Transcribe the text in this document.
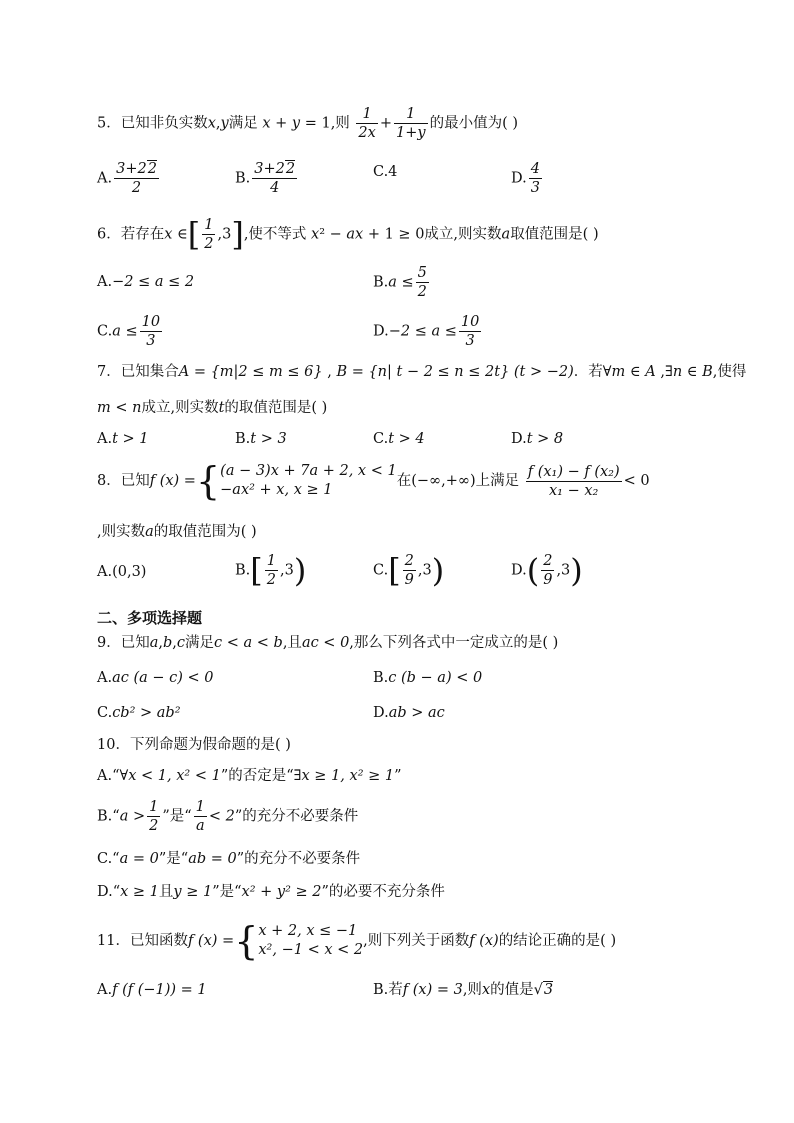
5．已知非负实数x,y满足 x + y = 1,则 $\frac{1}{2x} + \frac{1}{1+y}$ 的最小值为( )
A. $\frac{3+22}{2}$	B. $\frac{3+22}{4}$	C.4	D. $\frac{4}{3}$
6．若存在x ∈[ $\frac{1}{2} ,3$],使不等式 x² − ax + 1 ≥ 0成立,则实数a取值范围是( )
A.−2 ≤ a ≤ 2	$B.a \le \frac{5}{2}$
$C.a \le \frac{10}{3}$	$D.-2 \le a \le \frac{10}{3}$
7．已知集合A = {m|2 ≤ m ≤ 6} , B = {n| t − 2 ≤ n ≤ 2t} (t > −2)．若∀m ∈ A ,∃n ∈ B,使得
m < n成立,则实数t的取值范围是( )
A.t > 1	B.t > 3	C.t > 4	D.t > 8
8．已知f (x) ={(a − 3)x + 7a + 2, x < 1
−ax² + x, x ≥ 1在(−∞,+∞)上满足 $\frac{\text{f (x₁) − f (x₂)}}{\text{x₁ − x₂}} < 0$
,则实数a的取值范围为( )
A.(0,3)	$B.[ \frac{1}{2} ,3)$	$C.[ \frac{2}{9} ,3)$	$D.( \frac{2}{9} ,3)$
二、多项选择题
9．已知a,b,c满足c < a < b,且ac < 0,那么下列各式中一定成立的是( )
A.ac (a − c) < 0	B.c (b − a) < 0
C.cb² > ab²	D.ab > ac
10．下列命题为假命题的是( )
A.“∀x < 1, x² < 1”的否定是“∃x ≥ 1, x² ≥ 1”
B.“a > $\frac{1}{2}$ ”是“ $\frac{1}{a} < 2$”的充分不必要条件
C.“a = 0”是“ab = 0”的充分不必要条件
D.“x ≥ 1且y ≥ 1”是“x² + y² ≥ 2”的必要不充分条件
11．已知函数f (x) ={x + 2, x ≤ −1
x², −1 < x < 2,则下列关于函数f (x)的结论正确的是( )
A.f (f (−1)) = 1	B.若f (x) = 3,则x的值是√3
